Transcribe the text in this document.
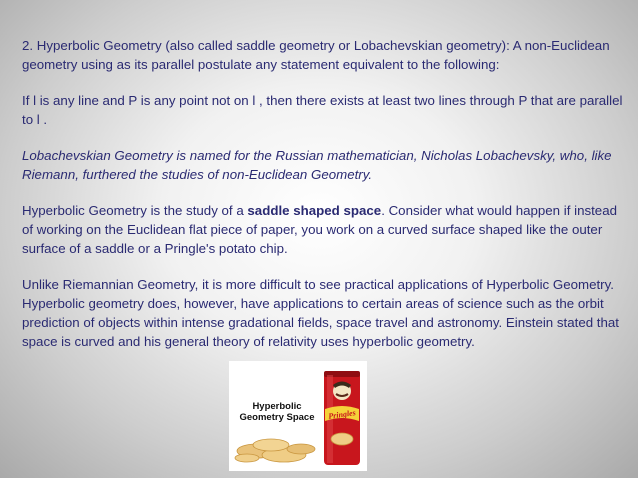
2. Hyperbolic Geometry (also called saddle geometry or Lobachevskian geometry): A non-Euclidean geometry using as its parallel postulate any statement equivalent to the following:

If l is any line and P is any point not on l , then there exists at least two lines through P that are parallel to l .

Lobachevskian Geometry is named for the Russian mathematician, Nicholas Lobachevsky, who, like Riemann, furthered the studies of non-Euclidean Geometry.

Hyperbolic Geometry is the study of a saddle shaped space. Consider what would happen if instead of working on the Euclidean flat piece of paper, you work on a curved surface shaped like the outer surface of a saddle or a Pringle's potato chip.

Unlike Riemannian Geometry, it is more difficult to see practical applications of Hyperbolic Geometry. Hyperbolic geometry does, however, have applications to certain areas of science such as the orbit prediction of objects within intense gradational fields, space travel and astronomy. Einstein stated that space is curved and his general theory of relativity uses hyperbolic geometry.

Hyperbolic Geometry Space	Pringles
